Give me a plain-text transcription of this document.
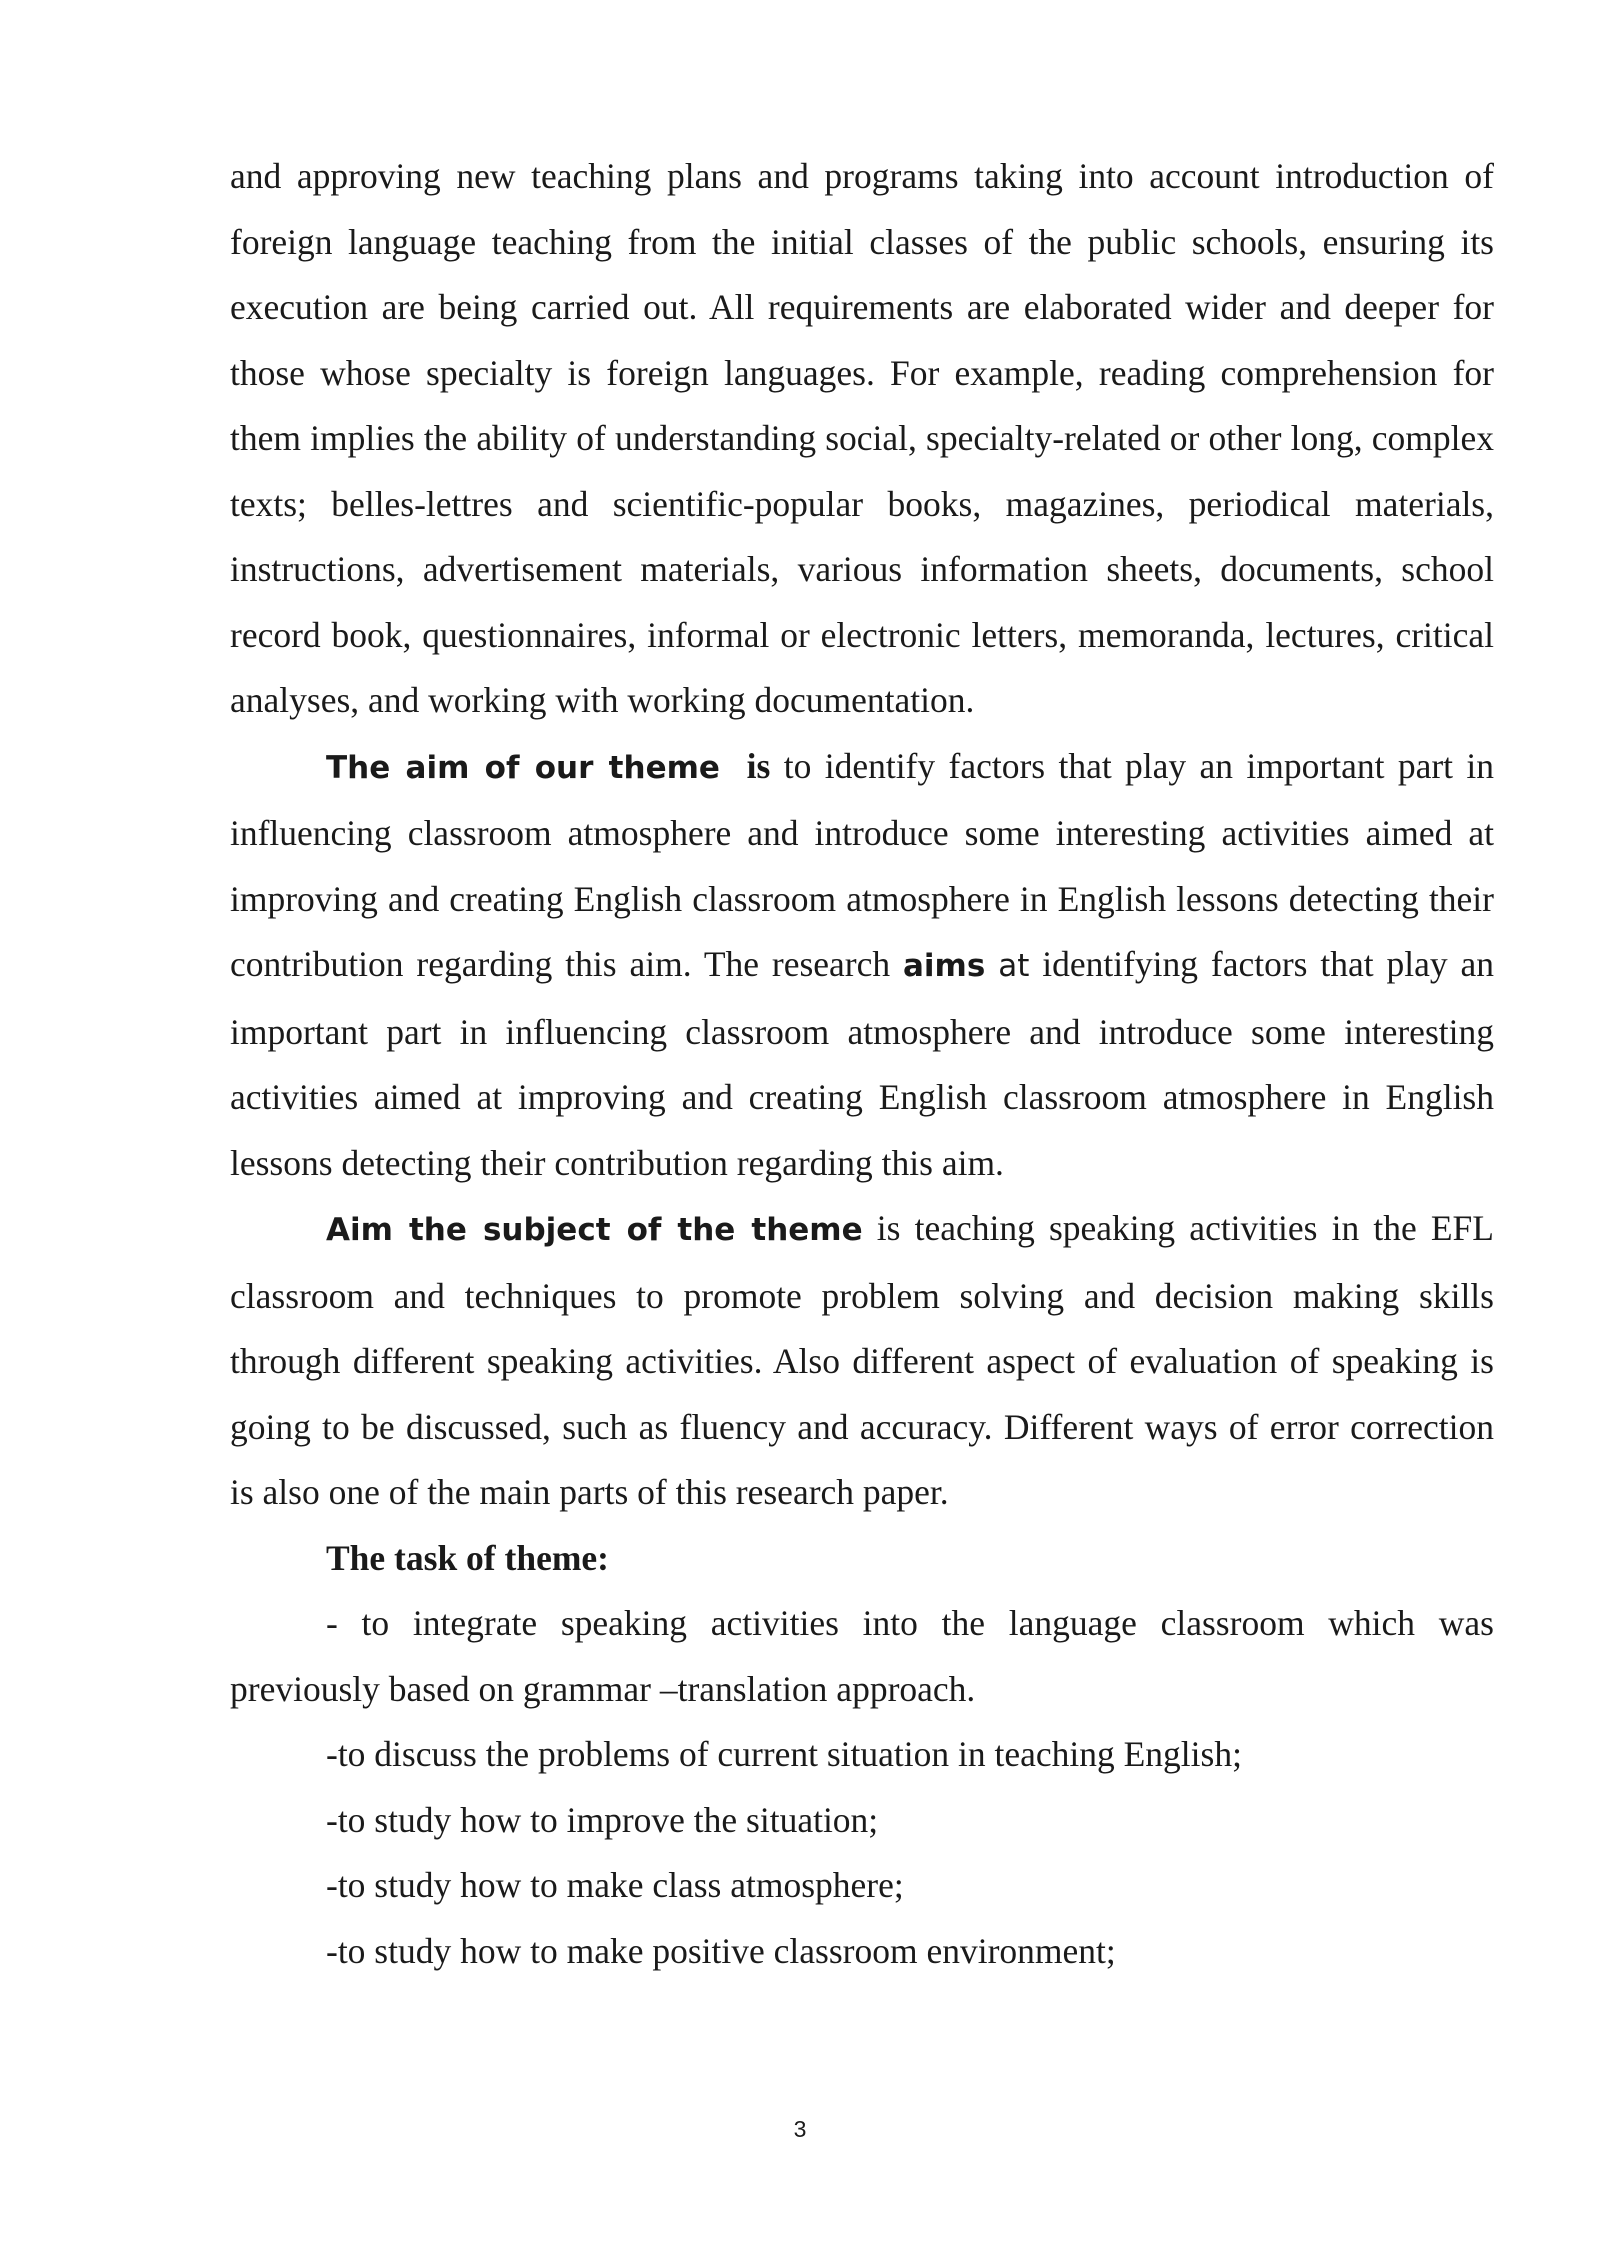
and approving new teaching plans and programs taking into account introduction of foreign language teaching from the initial classes of the public schools, ensuring its execution are being carried out. All requirements are elaborated wider and deeper for those whose specialty is foreign languages. For example, reading comprehension for them implies the ability of understanding social, specialty-related or other long, complex texts; belles-lettres and scientific-popular books, magazines, periodical materials, instructions, advertisement materials, various information sheets, documents, school record book, questionnaires, informal or electronic letters, memoranda, lectures, critical analyses, and working with working documentation.

The aim of our theme is to identify factors that play an important part in influencing classroom atmosphere and introduce some interesting activities aimed at improving and creating English classroom atmosphere in English lessons detecting their contribution regarding this aim. The research aims at identifying factors that play an important part in influencing classroom atmosphere and introduce some interesting activities aimed at improving and creating English classroom atmosphere in English lessons detecting their contribution regarding this aim.

Aim the subject of the theme is teaching speaking activities in the EFL classroom and techniques to promote problem solving and decision making skills through different speaking activities. Also different aspect of evaluation of speaking is going to be discussed, such as fluency and accuracy. Different ways of error correction is also one of the main parts of this research paper.

The task of theme:

- to integrate speaking activities into the language classroom which was previously based on grammar –translation approach.

-to discuss the problems of current situation in teaching English;

-to study how to improve the situation;

-to study how to make class atmosphere;

-to study how to make positive classroom environment;

3
